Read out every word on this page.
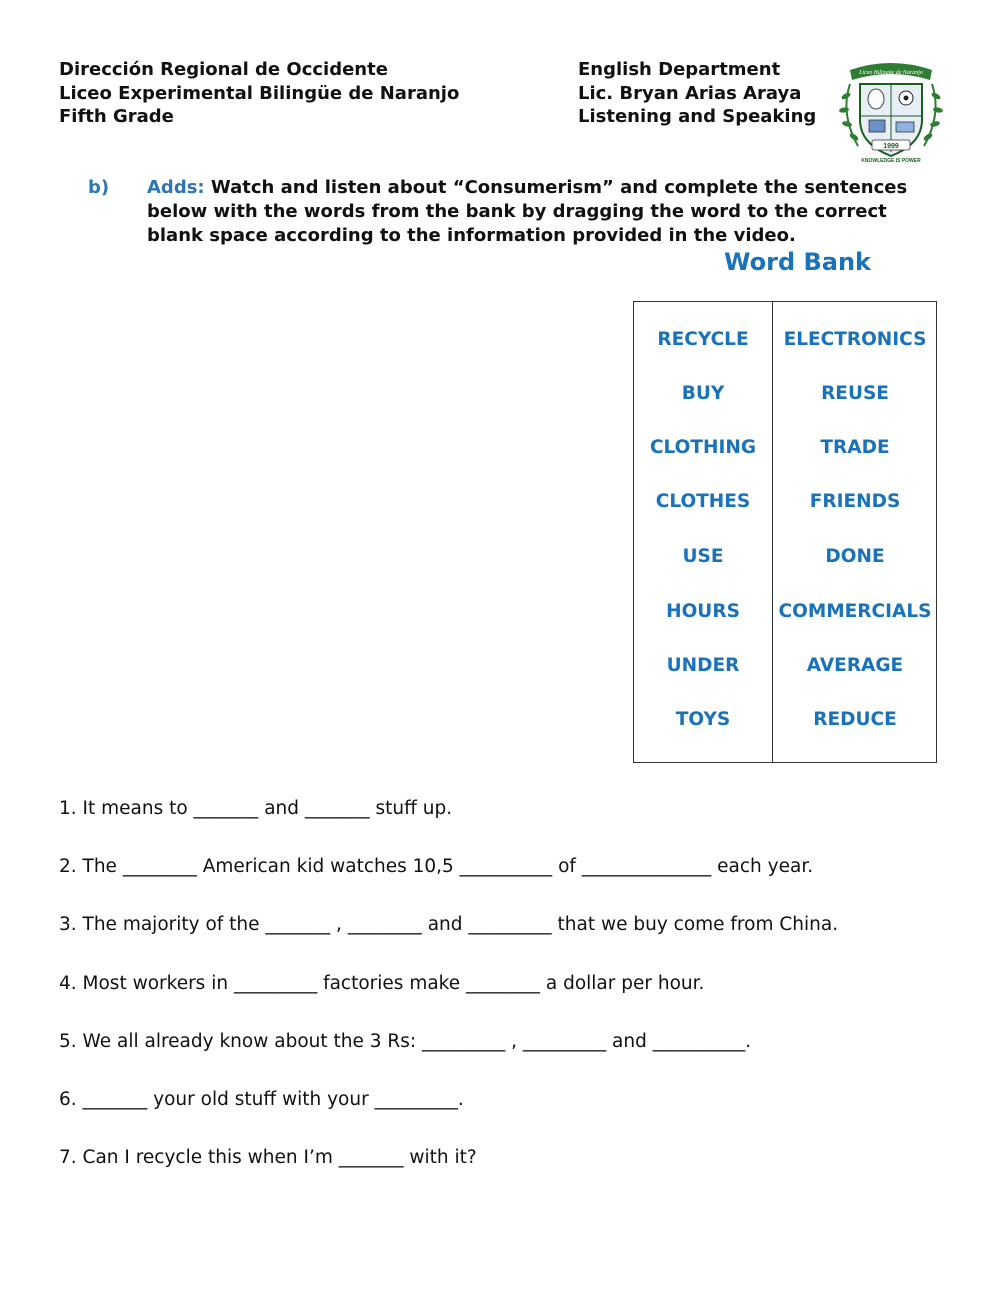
Dirección Regional de Occidente
Liceo Experimental Bilingüe de Naranjo
Fifth Grade
English Department
Lic. Bryan Arias Araya
Listening and Speaking
1999
Liceo Bilingüe de Naranjo
KNOWLEDGE IS POWER
b) Adds: Watch and listen about “Consumerism” and complete the sentences below with the words from the bank by dragging the word to the correct blank space according to the information provided in the video.
Word Bank
RECYCLE
BUY
CLOTHING
CLOTHES
USE
HOURS
UNDER
TOYS
ELECTRONICS
REUSE
TRADE
FRIENDS
DONE
COMMERCIALS
AVERAGE
REDUCE
1. It means to _______ and _______ stuff up.
2. The ________ American kid watches 10,5 __________ of ______________ each year.
3. The majority of the _______ , ________ and _________ that we buy come from China.
4. Most workers in _________ factories make ________ a dollar per hour.
5. We all already know about the 3 Rs: _________ , _________ and __________.
6. _______ your old stuff with your _________.
7. Can I recycle this when I’m _______ with it?
